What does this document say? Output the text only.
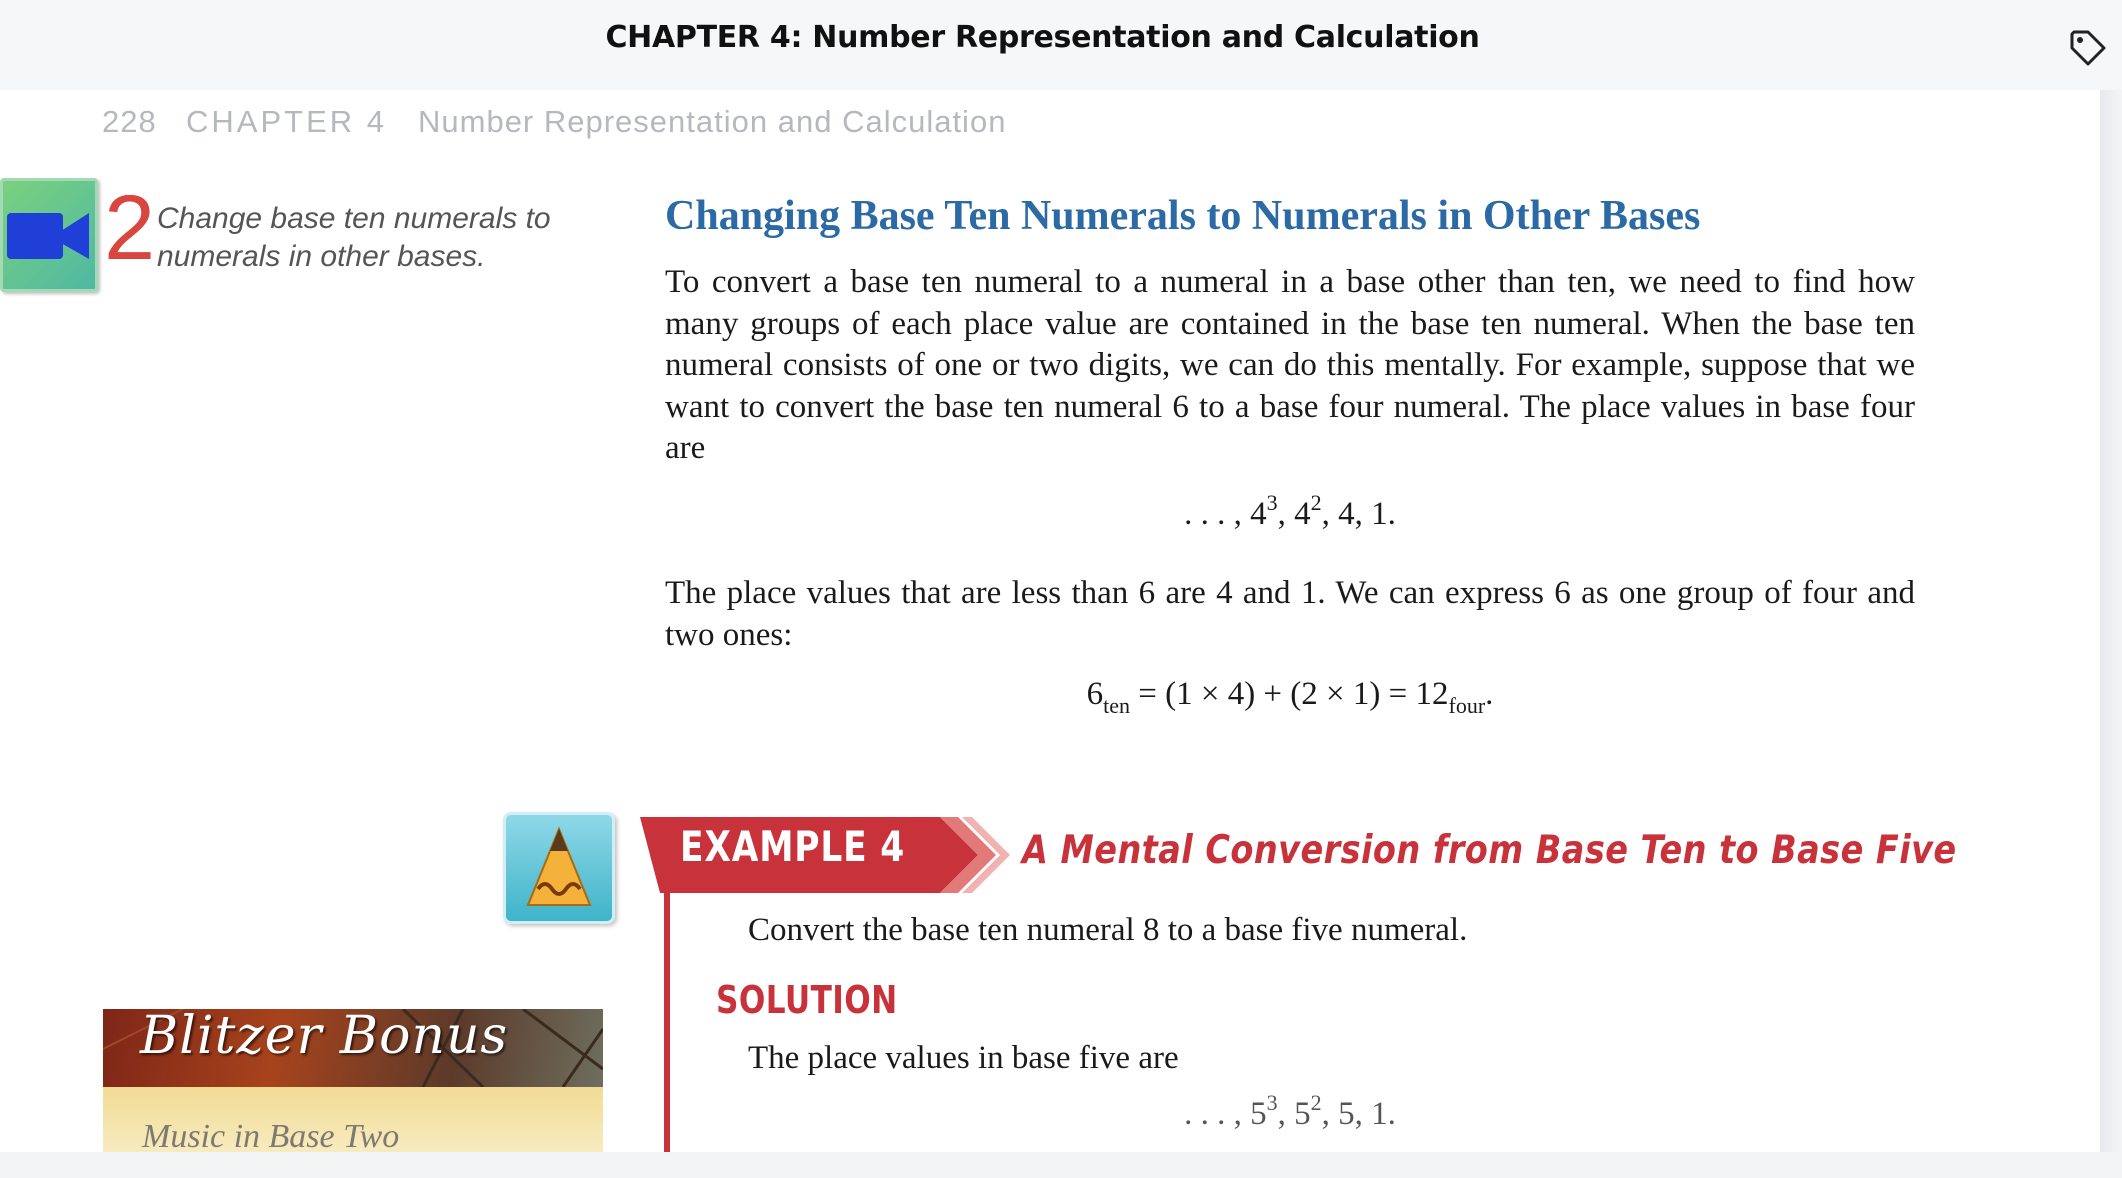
CHAPTER 4: Number Representation and Calculation
228 CHAPTER 4 Number Representation and Calculation
2 Change base ten numerals to numerals in other bases.
Changing Base Ten Numerals to Numerals in Other Bases
To convert a base ten numeral to a numeral in a base other than ten, we need to find how many groups of each place value are contained in the base ten numeral. When the base ten numeral consists of one or two digits, we can do this mentally. For example, suppose that we want to convert the base ten numeral 6 to a base four numeral. The place values in base four are
. . . , $4^3$, $4^2$, 4, 1.
The place values that are less than 6 are 4 and 1. We can express 6 as one group of four and two ones:
$6_{ten} = (1 \times 4) + (2 \times 1) = 12_{four}$.
EXAMPLE 4	A Mental Conversion from Base Ten to Base Five
Convert the base ten numeral 8 to a base five numeral.
SOLUTION
The place values in base five are
. . . , $5^3$, $5^2$, 5, 1.
Blitzer Bonus
Music in Base Two
